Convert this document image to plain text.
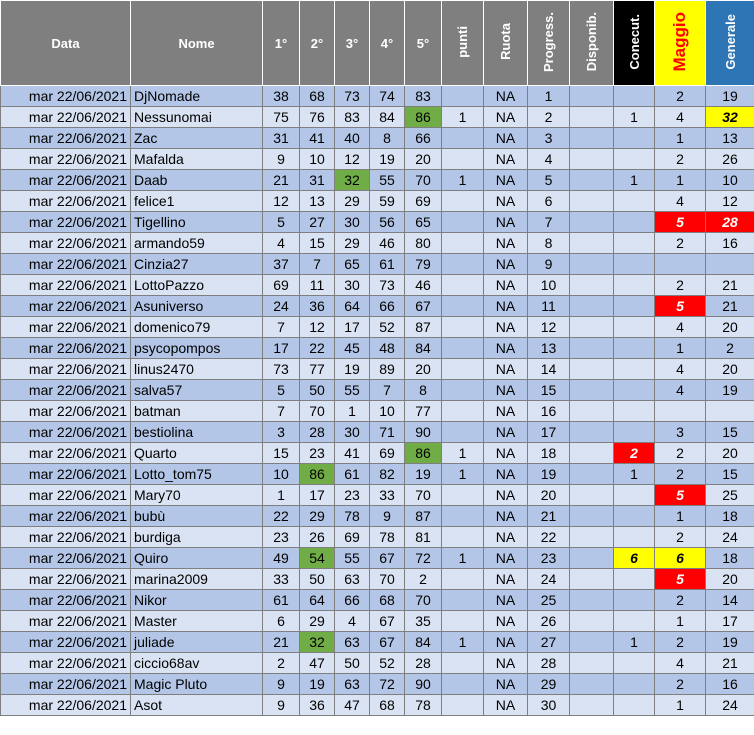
Data	Nome	1°	2°	3°	4°	5°	punti	Ruota	Progress.	Disponib.	Conecut.	Maggio	Generale
mar 22/06/2021	DjNomade	38	68	73	74	83		NA	1			2	19
mar 22/06/2021	Nessunomai	75	76	83	84	86	1	NA	2		1	4	32
mar 22/06/2021	Zac	31	41	40	8	66		NA	3			1	13
mar 22/06/2021	Mafalda	9	10	12	19	20		NA	4			2	26
mar 22/06/2021	Daab	21	31	32	55	70	1	NA	5		1	1	10
mar 22/06/2021	felice1	12	13	29	59	69		NA	6			4	12
mar 22/06/2021	Tigellino	5	27	30	56	65		NA	7			5	28
mar 22/06/2021	armando59	4	15	29	46	80		NA	8			2	16
mar 22/06/2021	Cinzia27	37	7	65	61	79		NA	9				
mar 22/06/2021	LottoPazzo	69	11	30	73	46		NA	10			2	21
mar 22/06/2021	Asuniverso	24	36	64	66	67		NA	11			5	21
mar 22/06/2021	domenico79	7	12	17	52	87		NA	12			4	20
mar 22/06/2021	psycopompos	17	22	45	48	84		NA	13			1	2
mar 22/06/2021	linus2470	73	77	19	89	20		NA	14			4	20
mar 22/06/2021	salva57	5	50	55	7	8		NA	15			4	19
mar 22/06/2021	batman	7	70	1	10	77		NA	16				
mar 22/06/2021	bestiolina	3	28	30	71	90		NA	17			3	15
mar 22/06/2021	Quarto	15	23	41	69	86	1	NA	18		2	2	20
mar 22/06/2021	Lotto_tom75	10	86	61	82	19	1	NA	19		1	2	15
mar 22/06/2021	Mary70	1	17	23	33	70		NA	20			5	25
mar 22/06/2021	bubù	22	29	78	9	87		NA	21			1	18
mar 22/06/2021	burdiga	23	26	69	78	81		NA	22			2	24
mar 22/06/2021	Quiro	49	54	55	67	72	1	NA	23		6	6	18
mar 22/06/2021	marina2009	33	50	63	70	2		NA	24			5	20
mar 22/06/2021	Nikor	61	64	66	68	70		NA	25			2	14
mar 22/06/2021	Master	6	29	4	67	35		NA	26			1	17
mar 22/06/2021	juliade	21	32	63	67	84	1	NA	27		1	2	19
mar 22/06/2021	ciccio68av	2	47	50	52	28		NA	28			4	21
mar 22/06/2021	Magic Pluto	9	19	63	72	90		NA	29			2	16
mar 22/06/2021	Asot	9	36	47	68	78		NA	30			1	24
